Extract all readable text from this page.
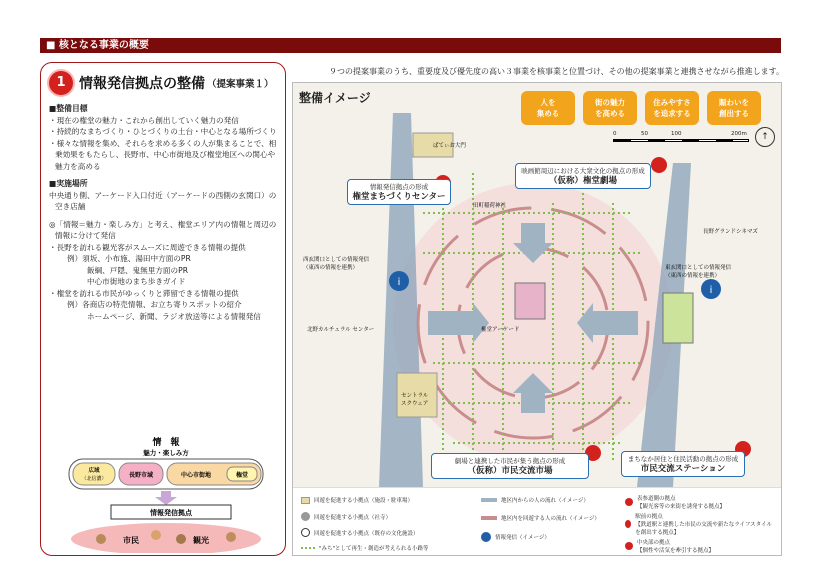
■ 核となる事業の概要
1 情報発信拠点の整備 （提案事業１）
■整備目標
・現在の権堂の魅力・これから創出していく魅力の発信
・持続的なまちづくり・ひとづくりの土台・中心となる場所づくり
・様々な情報を集め、それらを求める多くの人が集まることで、相乗効果をもたらし、長野市、中心市街地及び権堂地区への関心や魅力を高める
■実施場所
中央通り側、アーケード入口付近（アーケードの西側の玄関口）の空き店舗
◎「情報＝魅力・楽しみ方」と考え、権堂エリア内の情報と周辺の情報に分けて発信
・長野を訪れる観光客がスムーズに周遊できる情報の提供
例）須坂、小布施、湯田中方面のPR
飯綱、戸隠、鬼無里方面のPR
中心市街地のまち歩きガイド
・権堂を訪れる市民がゆっくりと滞留できる情報の提供
例）各商店の特売情報、お立ち寄りスポットの紹介
ホームページ、新聞、ラジオ放送等による情報発信
情　報
魅力・楽しみ方
広域
（北信濃）	長野市域	中心市街地	権堂
情報発信拠点
市民	観光
９つの提案事業のうち、重要度及び優先度の高い３事業を核事業と位置づけ、その他の提案事業と連携させながら推進します。
i
i
ぱてぃお大門
セントラル
スクウェア
田町稲荷神社
権堂アーケード
長野グランドシネマズ
北野カルチュラル センター
西玄関口としての情報発信
（東西の情報を連携）	東玄関口としての情報発信
（東西の情報を連携）
整備イメージ	人を
集める
街の魅力
を高める
住みやすさ
を追求する
賑わいを
創出する
0	50	100	200m	↑
情報発信拠点の形成
権堂まちづくりセンター
映画館周辺における大衆文化の拠点の形成
（仮称）権堂劇場
劇場と連携した市民が集う拠点の形成
（仮称）市民交流市場
まちなか居住と住民活動の拠点の形成
市民交流ステーション
回遊を促進する小拠点（施設・駐車場）
回遊を促進する小拠点（社寺）
回遊を促進する小拠点（既存の文化施設）
"みち"として再生・創造が考えられる小路等
地区内からの人の流れ（イメージ）
地区内を回遊する人の流れ（イメージ）
情報発信（イメージ）
表参道側の拠点
【観光客等の来街を誘発する拠点】
駅前の拠点
【鉄道駅と連携した市民の交流や新たなライフスタイルを創出する拠点】
中央部の拠点
【個性や活気を牽引する拠点】
